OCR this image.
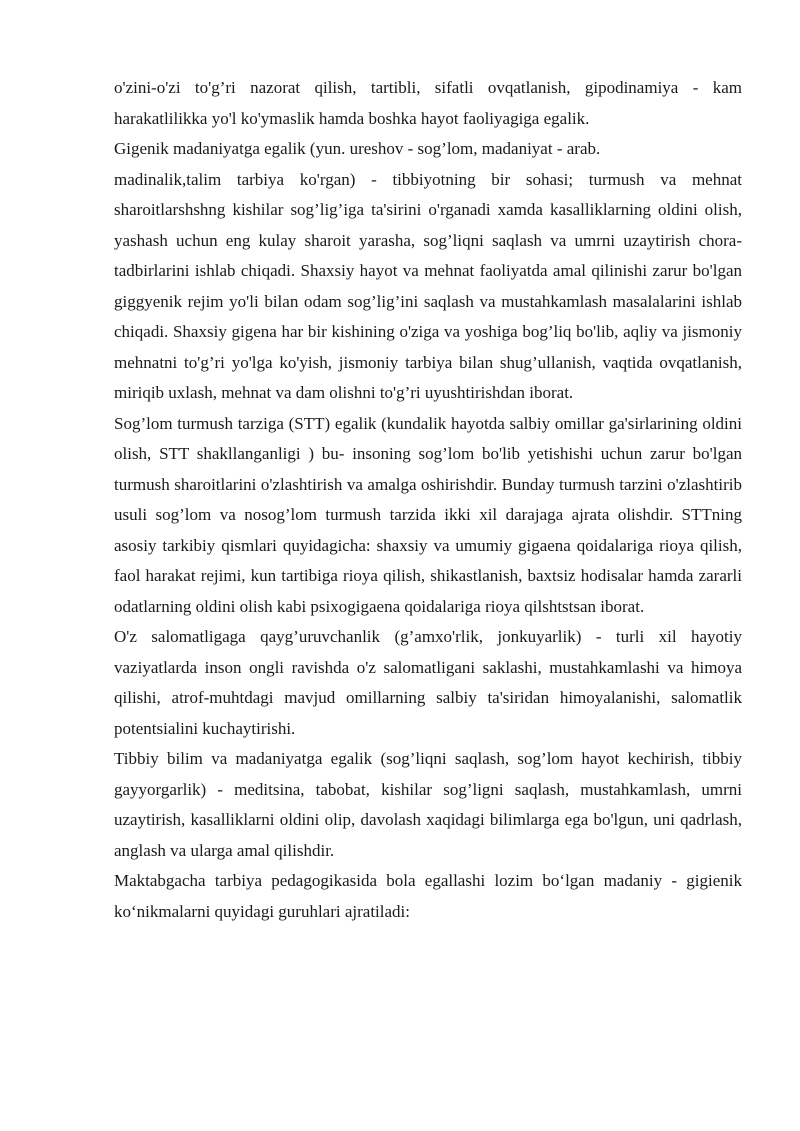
o'zini-o'zi to'g’ri nazorat qilish, tartibli, sifatli ovqatlanish, gipodinamiya - kam harakatlilikka yo'l ko'ymaslik hamda boshka hayot faoliyagiga egalik.

Gigenik madaniyatga egalik (yun. ureshov - sog’lom, madaniyat - arab.

madinalik,talim tarbiya ko'rgan) - tibbiyotning bir sohasi; turmush va mehnat sharoitlarshshng kishilar sog’lig’iga ta'sirini o'rganadi xamda kasalliklarning oldini olish, yashash uchun eng kulay sharoit yarasha, sog’liqni saqlash va umrni uzaytirish chora-tadbirlarini ishlab chiqadi. Shaxsiy hayot va mehnat faoliyatda amal qilinishi zarur bo'lgan giggyenik rejim yo'li bilan odam sog’lig’ini saqlash va mustahkamlash masalalarini ishlab chiqadi. Shaxsiy gigena har bir kishining o'ziga va yoshiga bog’liq bo'lib, aqliy va jismoniy mehnatni to'g’ri yo'lga ko'yish, jismoniy tarbiya bilan shug’ullanish, vaqtida ovqatlanish, miriqib uxlash, mehnat va dam olishni to'g’ri uyushtirishdan iborat.

Sog’lom turmush tarziga (STT) egalik (kundalik hayotda salbiy omillar ga'sirlarining oldini olish, STT shakllanganligi ) bu- insoning sog’lom bo'lib yetishishi uchun zarur bo'lgan turmush sharoitlarini o'zlashtirish va amalga oshirishdir. Bunday turmush tarzini o'zlashtirib usuli sog’lom va nosog’lom turmush tarzida ikki xil darajaga ajrata olishdir. STTning asosiy tarkibiy qismlari quyidagicha: shaxsiy va umumiy gigaena qoidalariga rioya qilish, faol harakat rejimi, kun tartibiga rioya qilish, shikastlanish, baxtsiz hodisalar hamda zararli odatlarning oldini olish kabi psixogigaena qoidalariga rioya qilshtstsan iborat.

O'z salomatligaga qayg’uruvchanlik (g’amxo'rlik, jonkuyarlik) - turli xil hayotiy vaziyatlarda inson ongli ravishda o'z salomatligani saklashi, mustahkamlashi va himoya qilishi, atrof-muhtdagi mavjud omillarning salbiy ta'siridan himoyalanishi, salomatlik potentsialini kuchaytirishi.

Tibbiy bilim va madaniyatga egalik (sog’liqni saqlash, sog’lom hayot kechirish, tibbiy gayyorgarlik) - meditsina, tabobat, kishilar sog’ligni saqlash, mustahkamlash, umrni uzaytirish, kasalliklarni oldini olip, davolash xaqidagi bilimlarga ega bo'lgun, uni qadrlash, anglash va ularga amal qilishdir.

Maktabgacha tarbiya pedagogikasida bola egallashi lozim bo‘lgan madaniy - gigienik ko‘nikmalarni quyidagi guruhlari ajratiladi:
